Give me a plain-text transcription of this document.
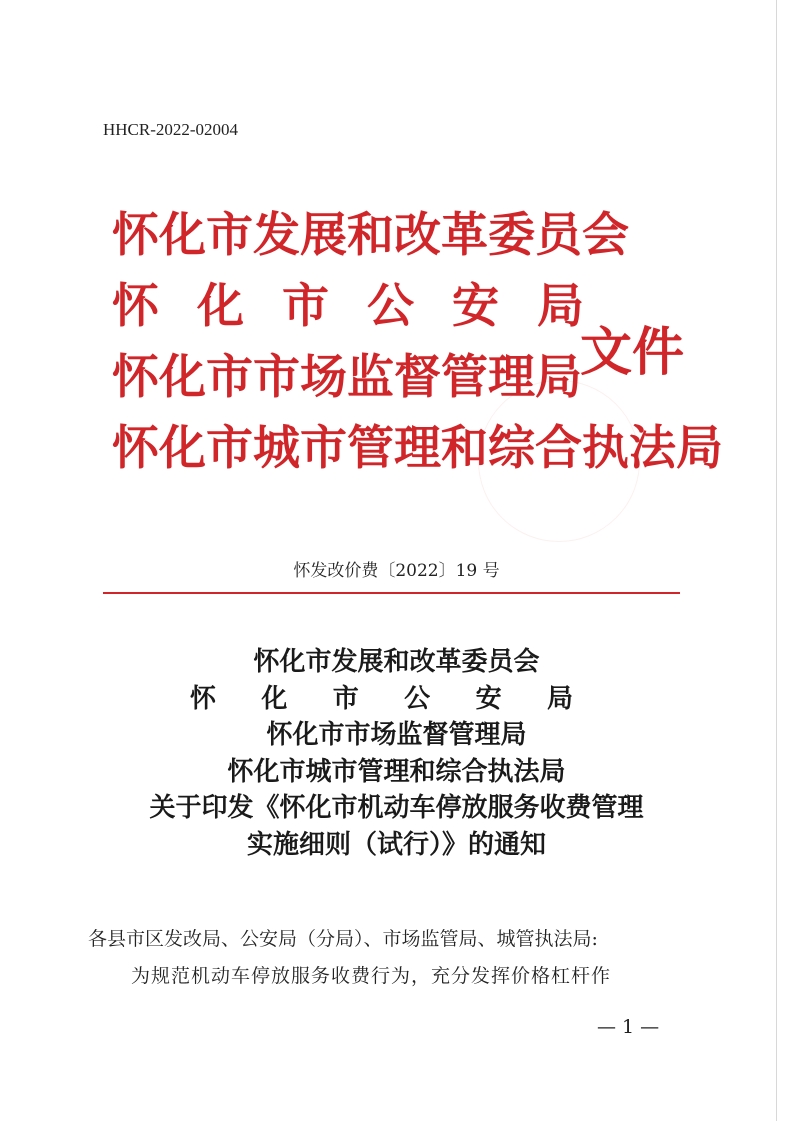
HHCR-2022-02004
怀化市发展和改革委员会
怀 化 市 公 安 局
怀化市市场监督管理局
怀化市城市管理和综合执法局
文件
怀发改价费〔2022〕19 号
怀化市发展和改革委员会
怀 化 市 公 安 局
怀化市市场监督管理局
怀化市城市管理和综合执法局
关于印发《怀化市机动车停放服务收费管理
实施细则（试行）》的通知
各县市区发改局、公安局（分局）、市场监管局、城管执法局:
为规范机动车停放服务收费行为，充分发挥价格杠杆作
— 1 —
